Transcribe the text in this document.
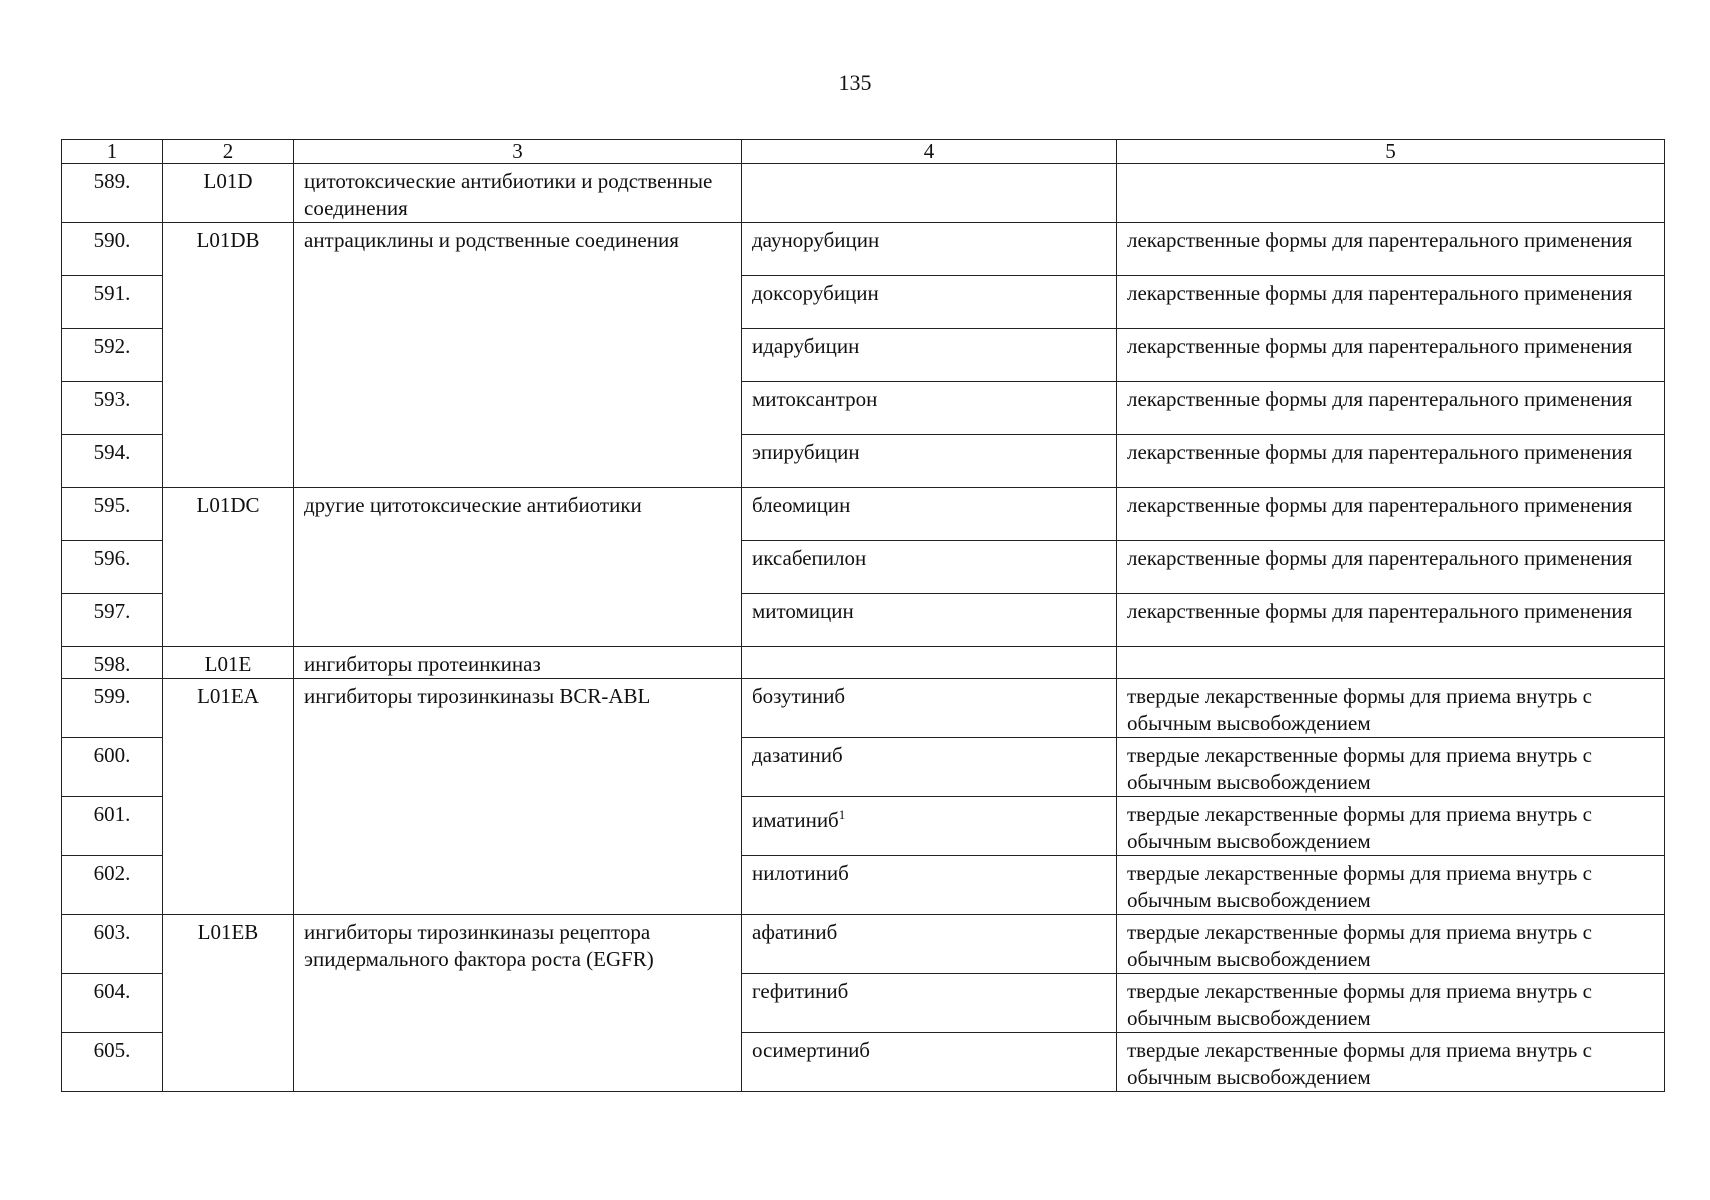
135
1	2	3	4	5
589.	L01D	цитотоксические антибиотики и родственные соединения		
590.	L01DB	антрациклины и родственные соединения	даунорубицин	лекарственные формы для парентерального применения
591.			доксорубицин	лекарственные формы для парентерального применения
592.			идарубицин	лекарственные формы для парентерального применения
593.			митоксантрон	лекарственные формы для парентерального применения
594.			эпирубицин	лекарственные формы для парентерального применения
595.	L01DC	другие цитотоксические антибиотики	блеомицин	лекарственные формы для парентерального применения
596.			иксабепилон	лекарственные формы для парентерального применения
597.			митомицин	лекарственные формы для парентерального применения
598.	L01E	ингибиторы протеинкиназ		
599.	L01EA	ингибиторы тирозинкиназы BCR-ABL	бозутиниб	твердые лекарственные формы для приема внутрь с обычным высвобождением
600.			дазатиниб	твердые лекарственные формы для приема внутрь с обычным высвобождением
601.			иматиниб$^1$	твердые лекарственные формы для приема внутрь с обычным высвобождением
602.			нилотиниб	твердые лекарственные формы для приема внутрь с обычным высвобождением
603.	L01EB	ингибиторы тирозинкиназы рецептора эпидермального фактора роста (EGFR)	афатиниб	твердые лекарственные формы для приема внутрь с обычным высвобождением
604.			гефитиниб	твердые лекарственные формы для приема внутрь с обычным высвобождением
605.			осимертиниб	твердые лекарственные формы для приема внутрь с обычным высвобождением
